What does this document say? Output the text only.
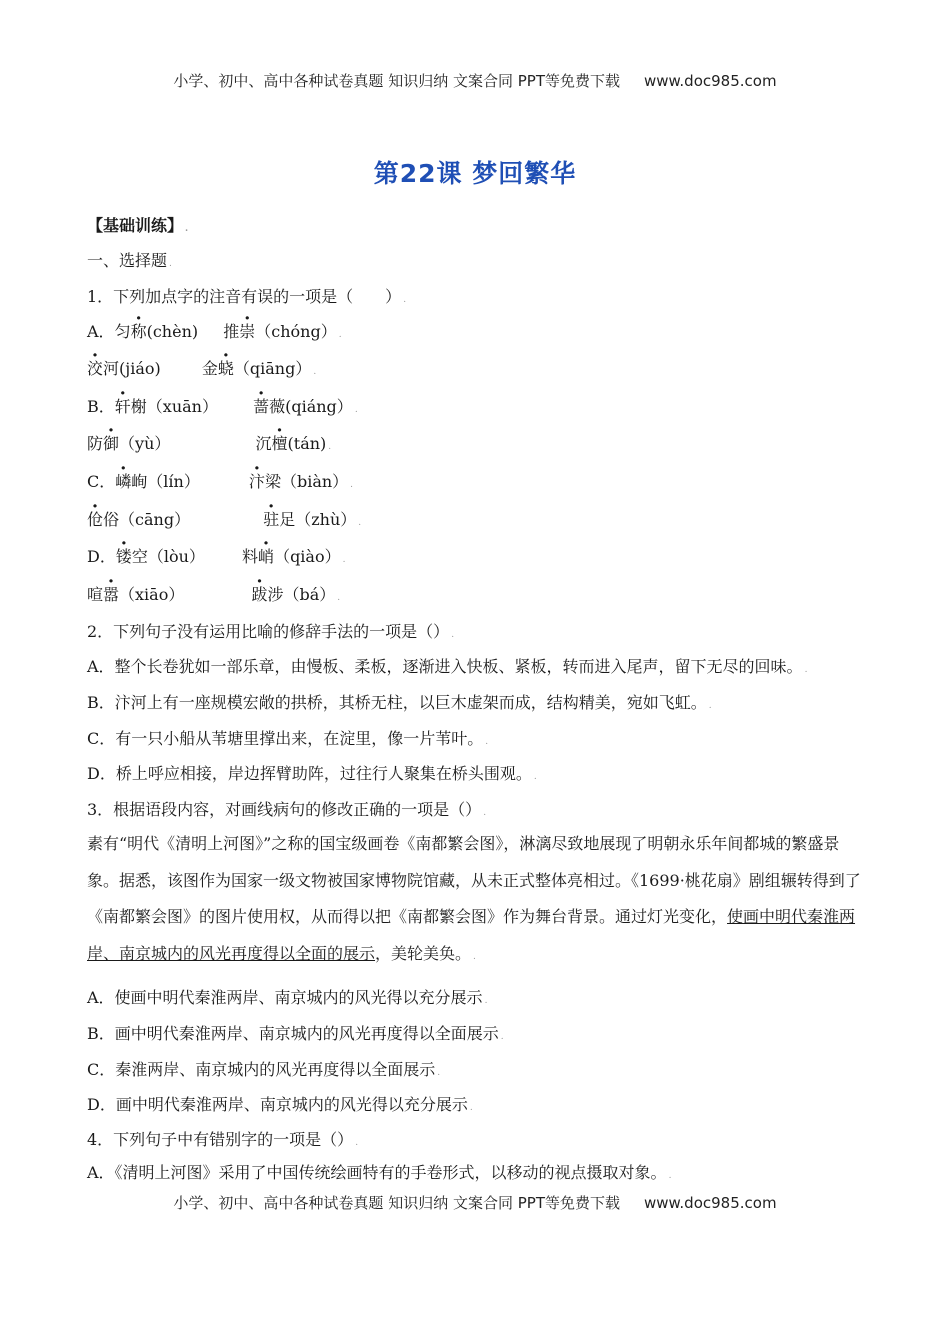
小学、初中、高中各种试卷真题 知识归纳 文案合同 PPT等免费下载 www.doc985.com
第22课 梦回繁华
【基础训练】 .
一、选择题 .
1．下列加点字的注音有误的一项是（　　） .
A．匀称(chèn) 推崇（chóng） .
洨河(jiáo)	金蛲（qiāng） .
B．轩榭（xuān） 蔷薇(qiáng） .
防御（yù）	沉檀(tán) .
C．嶙峋（lín）	汴梁（biàn） .
伧俗（cāng）	驻足（zhù） .
D．镂空（lòu） 料峭（qiào） .
喧嚣（xiāo）	跋涉（bá） .
2．下列句子没有运用比喻的修辞手法的一项是（） .
A．整个长卷犹如一部乐章，由慢板、柔板，逐渐进入快板、紧板，转而进入尾声，留下无尽的回味。 .
B．汴河上有一座规模宏敞的拱桥，其桥无柱，以巨木虚架而成，结构精美，宛如飞虹。 .
C．有一只小船从苇塘里撑出来，在淀里，像一片苇叶。 .
D．桥上呼应相接，岸边挥臂助阵，过往行人聚集在桥头围观。 .
3．根据语段内容，对画线病句的修改正确的一项是（） .
素有“明代《清明上河图》”之称的国宝级画卷《南都繁会图》，淋漓尽致地展现了明朝永乐年间都城的繁盛景象。据悉，该图作为国家一级文物被国家博物院馆藏，从未正式整体亮相过。《1699·桃花扇》剧组辗转得到了《南都繁会图》的图片使用权，从而得以把《南都繁会图》作为舞台背景。通过灯光变化，使画中明代秦淮两岸、南京城内的风光再度得以全面的展示，美轮美奂。 .
A．使画中明代秦淮两岸、南京城内的风光得以充分展示 .
B．画中明代秦淮两岸、南京城内的风光再度得以全面展示 .
C．秦淮两岸、南京城内的风光再度得以全面展示 .
D．画中明代秦淮两岸、南京城内的风光得以充分展示 .
4．下列句子中有错别字的一项是（） .
A．《清明上河图》采用了中国传统绘画特有的手卷形式，以移动的视点摄取对象。 .
小学、初中、高中各种试卷真题 知识归纳 文案合同 PPT等免费下载 www.doc985.com
